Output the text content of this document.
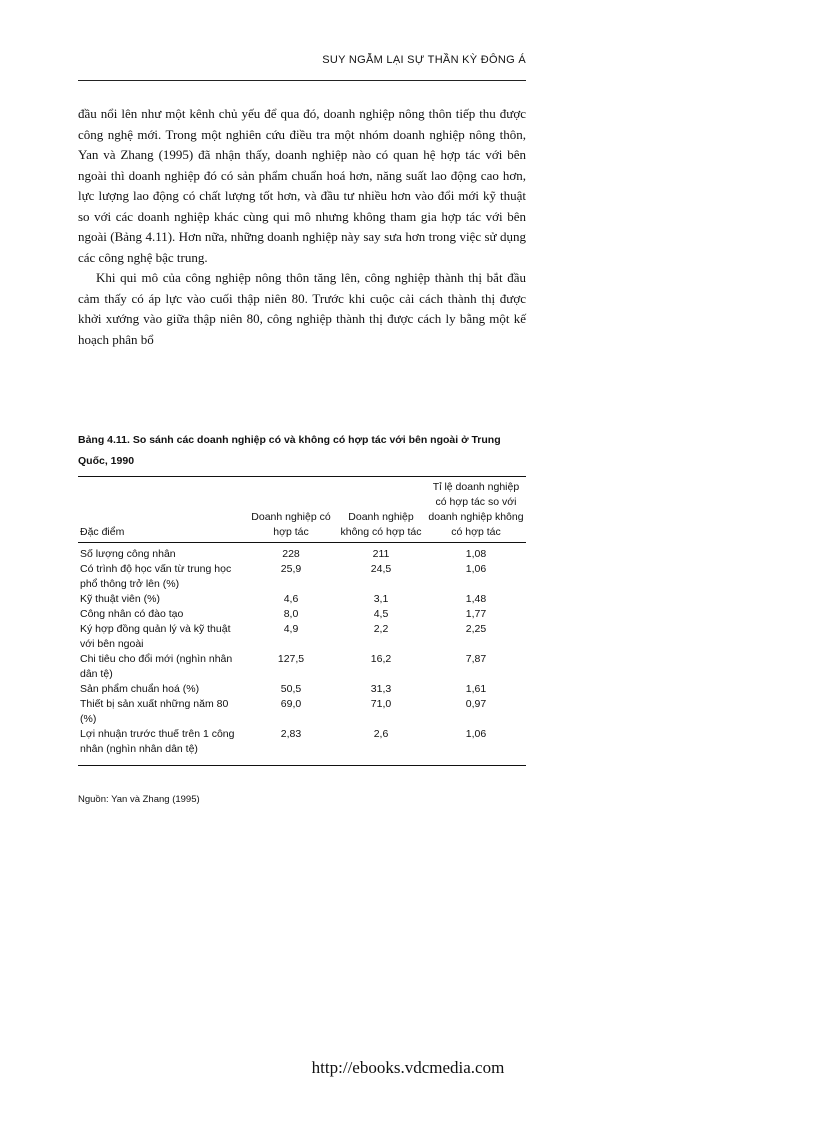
SUY NGẪM LẠI SỰ THẦN KỲ ĐÔNG Á

đầu nổi lên như một kênh chủ yếu để qua đó, doanh nghiệp nông thôn tiếp thu được công nghệ mới. Trong một nghiên cứu điều tra một nhóm doanh nghiệp nông thôn, Yan và Zhang (1995) đã nhận thấy, doanh nghiệp nào có quan hệ hợp tác với bên ngoài thì doanh nghiệp đó có sản phẩm chuẩn hoá hơn, năng suất lao động cao hơn, lực lượng lao động có chất lượng tốt hơn, và đầu tư nhiều hơn vào đổi mới kỹ thuật so với các doanh nghiệp khác cùng qui mô nhưng không tham gia hợp tác với bên ngoài (Bảng 4.11). Hơn nữa, những doanh nghiệp này say sưa hơn trong việc sử dụng các công nghệ bậc trung.

Khi qui mô của công nghiệp nông thôn tăng lên, công nghiệp thành thị bắt đầu cảm thấy có áp lực vào cuối thập niên 80. Trước khi cuộc cải cách thành thị được khởi xướng vào giữa thập niên 80, công nghiệp thành thị được cách ly bằng một kế hoạch phân bổ

Bảng 4.11. So sánh các doanh nghiệp có và không có hợp tác với bên ngoài ở Trung Quốc, 1990
Đặc điểm	Doanh nghiệp có hợp tác	Doanh nghiệp không có hợp tác	Tỉ lệ doanh nghiệp có hợp tác so với doanh nghiệp không có hợp tác
Số lượng công nhân	228	211	1,08
Có trình độ học vấn từ trung học phổ thông trở lên (%)	25,9	24,5	1,06
Kỹ thuật viên (%)	4,6	3,1	1,48
Công nhân có đào tạo	8,0	4,5	1,77
Ký hợp đồng quản lý và kỹ thuật với bên ngoài	4,9	2,2	2,25
Chi tiêu cho đổi mới (nghìn nhân dân tệ)	127,5	16,2	7,87
Sản phẩm chuẩn hoá (%)	50,5	31,3	1,61
Thiết bị sản xuất những năm 80 (%)	69,0	71,0	0,97
Lợi nhuận trước thuế trên 1 công nhân (nghìn nhân dân tệ)	2,83	2,6	1,06
Nguồn: Yan và Zhang (1995)
http://ebooks.vdcmedia.com
